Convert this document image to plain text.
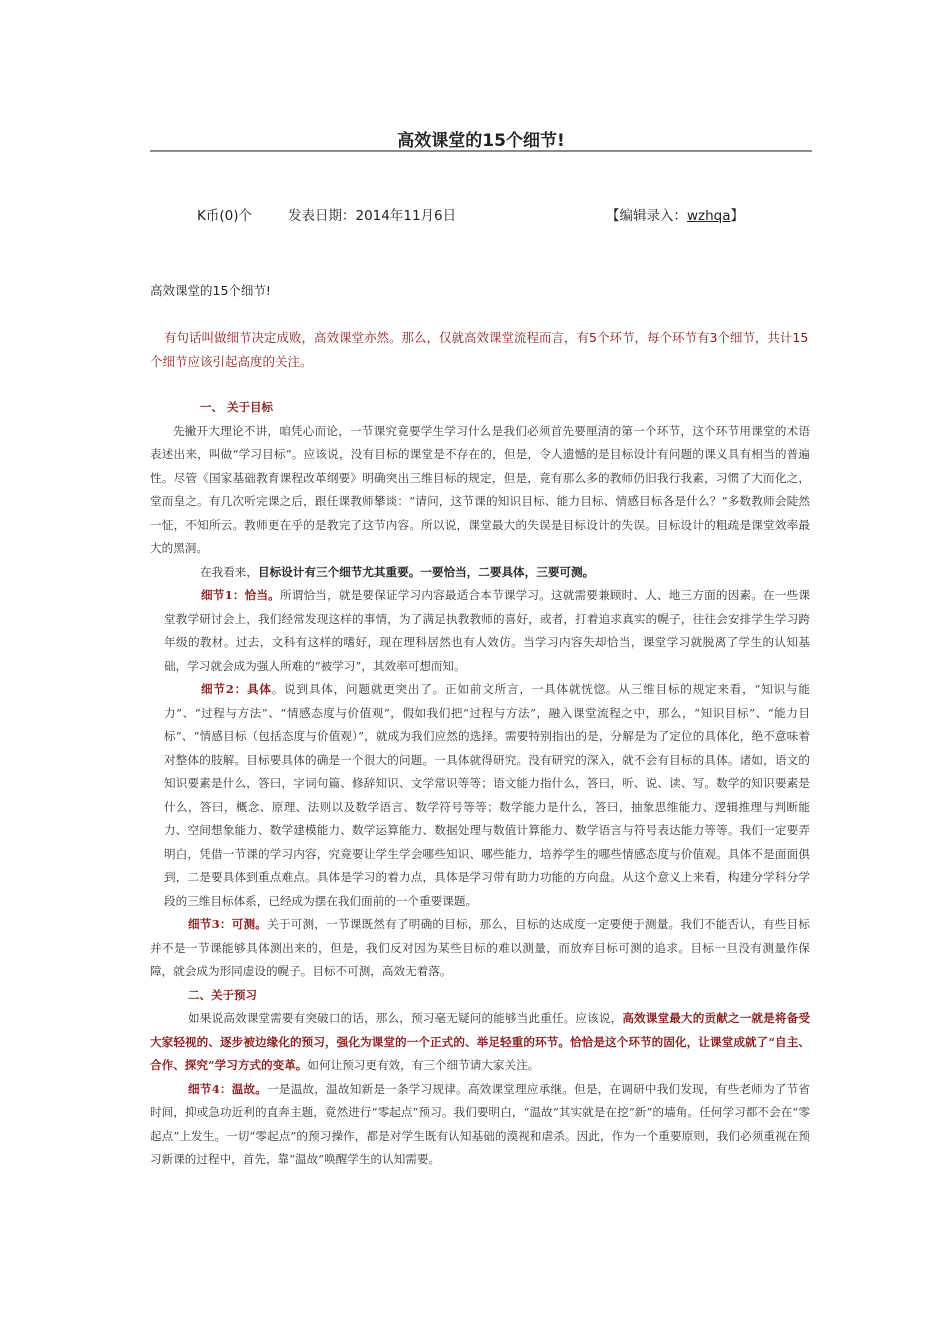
高效课堂的15个细节!
K币(0)个	发表日期：2014年11月6日	【编辑录入：wzhqa】
高效课堂的15个细节!
有句话叫做细节决定成败，高效课堂亦然。那么，仅就高效课堂流程而言，有5个环节，每个环节有3个细节，共计15个细节应该引起高度的关注。

一、 关于目标

先撇开大理论不讲，咱凭心而论，一节课究竟要学生学习什么是我们必须首先要厘清的第一个环节，这个环节用课堂的术语表述出来，叫做“学习目标”。应该说，没有目标的课堂是不存在的，但是，令人遗憾的是目标设计有问题的课义具有相当的普遍性。尽管《国家基础教育课程改革纲要》明确突出三维目标的规定，但是，竟有那么多的教师仍旧我行我素，习惯了大而化之，堂而皇之。有几次听完课之后，跟任课教师攀谈：“请问，这节课的知识目标、能力目标、情感目标各是什么？”多数教师会陡然一怔，不知所云。教师更在乎的是教完了这节内容。所以说，课堂最大的失误是目标设计的失误。目标设计的粗疏是课堂效率最大的黑洞。

在我看来，目标设计有三个细节尤其重要。一要恰当，二要具体，三要可测。

细节1：恰当。所谓恰当，就是要保证学习内容最适合本节课学习。这就需要兼顾时、人、地三方面的因素。在一些课堂教学研讨会上，我们经常发现这样的事情，为了满足执教教师的喜好，或者，打着追求真实的幌子，往往会安排学生学习跨年级的教材。过去，文科有这样的嗜好，现在理科居然也有人效仿。当学习内容失却恰当，课堂学习就脱离了学生的认知基础，学习就会成为强人所难的“被学习”，其效率可想而知。

细节2：具体。说到具体，问题就更突出了。正如前文所言，一具体就恍惚。从三维目标的规定来看，“知识与能力”、“过程与方法”、“情感态度与价值观”，假如我们把“过程与方法”，融入课堂流程之中，那么，“知识目标”、“能力目标”、“情感目标（包括态度与价值观）”，就成为我们应然的选择。需要特别指出的是，分解是为了定位的具体化，绝不意味着对整体的肢解。目标要具体的确是一个很大的问题。一具体就得研究。没有研究的深入，就不会有目标的具体。诸如，语文的知识要素是什么，答曰，字词句篇、修辞知识、文学常识等等；语文能力指什么，答曰，听、说、读、写。数学的知识要素是什么，答曰，概念、原理、法则以及数学语言、数学符号等等；数学能力是什么，答曰，抽象思维能力、逻辑推理与判断能力、空间想象能力、数学建模能力、数学运算能力、数据处理与数值计算能力、数学语言与符号表达能力等等。我们一定要弄明白，凭借一节课的学习内容，究竟要让学生学会哪些知识、哪些能力，培养学生的哪些情感态度与价值观。具体不是面面俱到，二是要具体到重点难点。具体是学习的着力点，具体是学习带有助力功能的方向盘。从这个意义上来看，构建分学科分学段的三维目标体系，已经成为摆在我们面前的一个重要课题。

细节3：可测。关于可测，一节课既然有了明确的目标，那么，目标的达成度一定要便于测量。我们不能否认，有些目标并不是一节课能够具体测出来的，但是，我们反对因为某些目标的难以测量，而放弃目标可测的追求。目标一旦没有测量作保障，就会成为形同虚设的幌子。目标不可测，高效无着落。

二、关于预习

如果说高效课堂需要有突破口的话，那么，预习毫无疑问的能够当此重任。应该说，高效课堂最大的贡献之一就是将备受大家轻视的、逐步被边缘化的预习，强化为课堂的一个正式的、举足轻重的环节。恰恰是这个环节的固化，让课堂成就了“自主、合作、探究”学习方式的变革。如何让预习更有效，有三个细节请大家关注。

细节4：温故。一是温故，温故知新是一条学习规律。高效课堂理应承继。但是，在调研中我们发现，有些老师为了节省时间，抑或急功近利的直奔主题，竟然进行“零起点”预习。我们要明白，“温故”其实就是在挖“新”的墙角。任何学习都不会在“零起点”上发生。一切“零起点”的预习操作，都是对学生既有认知基础的漠视和虐杀。因此，作为一个重要原则，我们必须重视在预习新课的过程中，首先，靠“温故”唤醒学生的认知需要。
